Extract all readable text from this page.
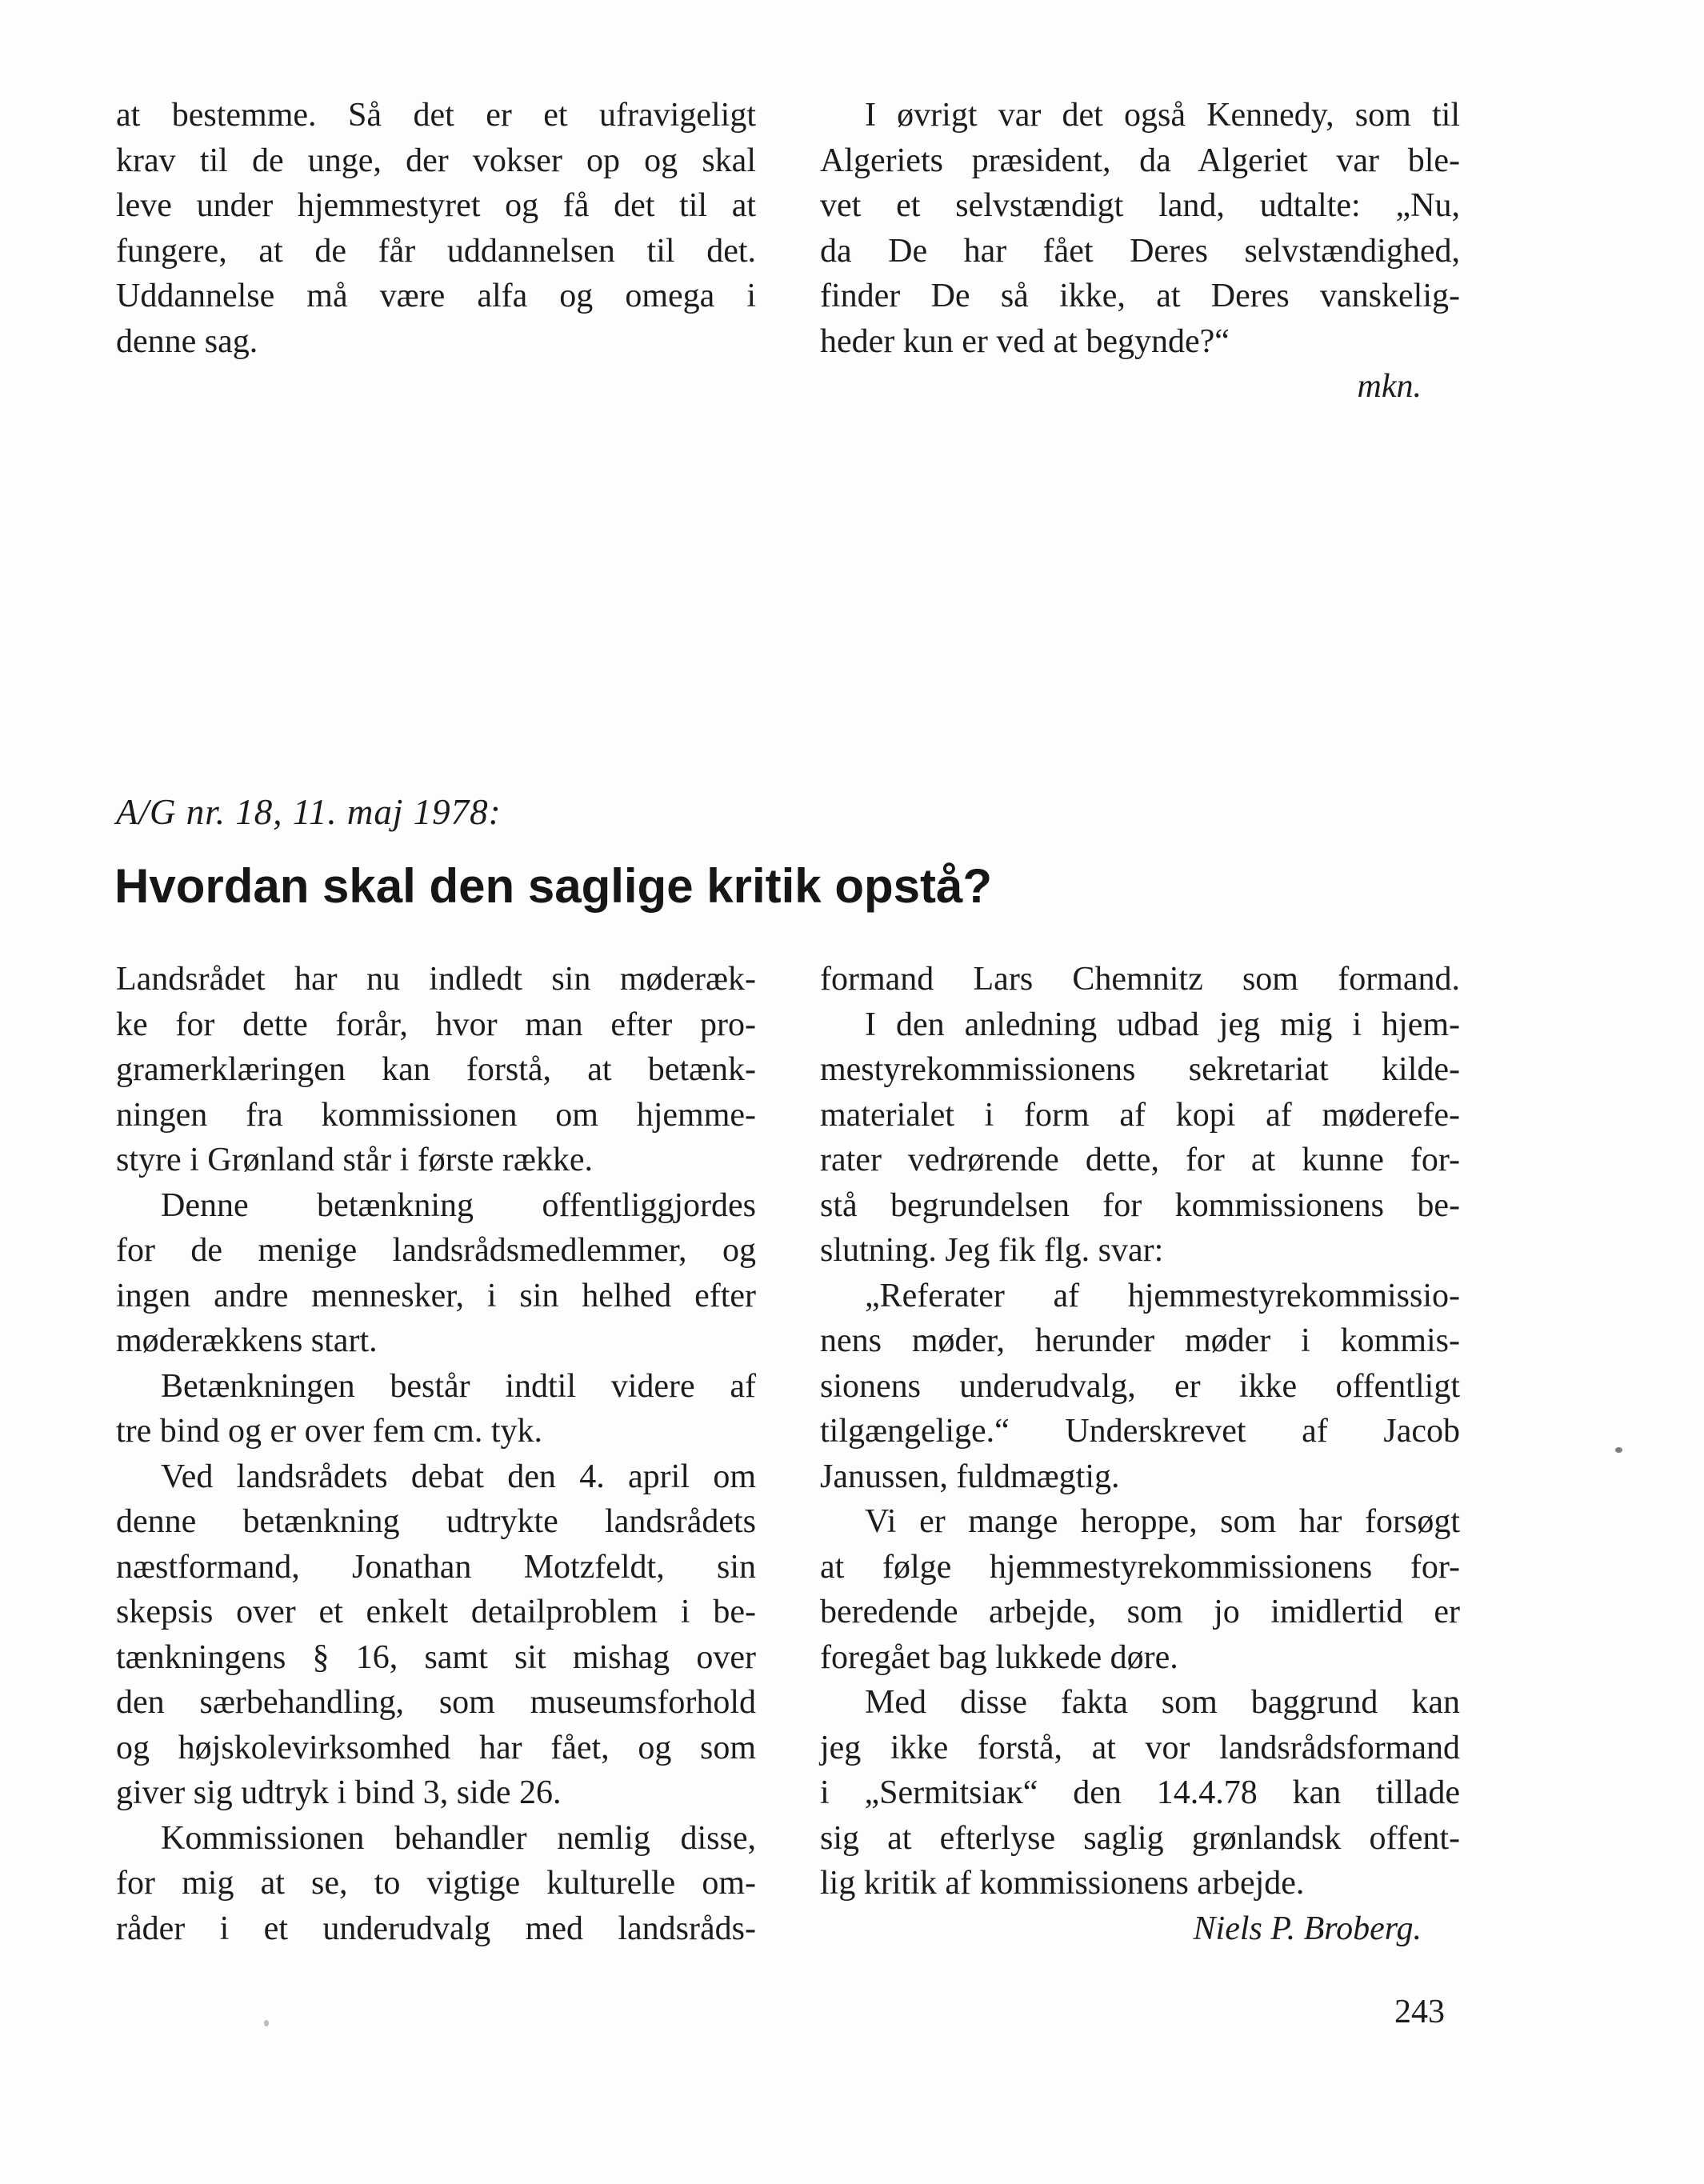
at bestemme. Så det er et ufravigeligt
krav til de unge, der vokser op og skal
leve under hjemmestyret og få det til at
fungere, at de får uddannelsen til det.
Uddannelse må være alfa og omega i
denne sag.
I øvrigt var det også Kennedy, som til
Algeriets præsident, da Algeriet var ble-
vet et selvstændigt land, udtalte: „Nu,
da De har fået Deres selvstændighed,
finder De så ikke, at Deres vanskelig-
heder kun er ved at begynde?“
mkn.
A/G nr. 18, 11. maj 1978:
Hvordan skal den saglige kritik opstå?
Landsrådet har nu indledt sin møderæk-
ke for dette forår, hvor man efter pro-
gramerklæringen kan forstå, at betænk-
ningen fra kommissionen om hjemme-
styre i Grønland står i første række.
Denne betænkning offentliggjordes
for de menige landsrådsmedlemmer, og
ingen andre mennesker, i sin helhed efter
møderækkens start.
Betænkningen består indtil videre af
tre bind og er over fem cm. tyk.
Ved landsrådets debat den 4. april om
denne betænkning udtrykte landsrådets
næstformand, Jonathan Motzfeldt, sin
skepsis over et enkelt detailproblem i be-
tænkningens § 16, samt sit mishag over
den særbehandling, som museumsforhold
og højskolevirksomhed har fået, og som
giver sig udtryk i bind 3, side 26.
Kommissionen behandler nemlig disse,
for mig at se, to vigtige kulturelle om-
råder i et underudvalg med landsråds-
formand Lars Chemnitz som formand.
I den anledning udbad jeg mig i hjem-
mestyrekommissionens sekretariat kilde-
materialet i form af kopi af møderefe-
rater vedrørende dette, for at kunne for-
stå begrundelsen for kommissionens be-
slutning. Jeg fik flg. svar:
„Referater af hjemmestyrekommissio-
nens møder, herunder møder i kommis-
sionens underudvalg, er ikke offentligt
tilgængelige.“ Underskrevet af Jacob
Janussen, fuldmægtig.
Vi er mange heroppe, som har forsøgt
at følge hjemmestyrekommissionens for-
beredende arbejde, som jo imidlertid er
foregået bag lukkede døre.
Med disse fakta som baggrund kan
jeg ikke forstå, at vor landsrådsformand
i „Sermitsiaĸ“ den 14.4.78 kan tillade
sig at efterlyse saglig grønlandsk offent-
lig kritik af kommissionens arbejde.
Niels P. Broberg.
243
